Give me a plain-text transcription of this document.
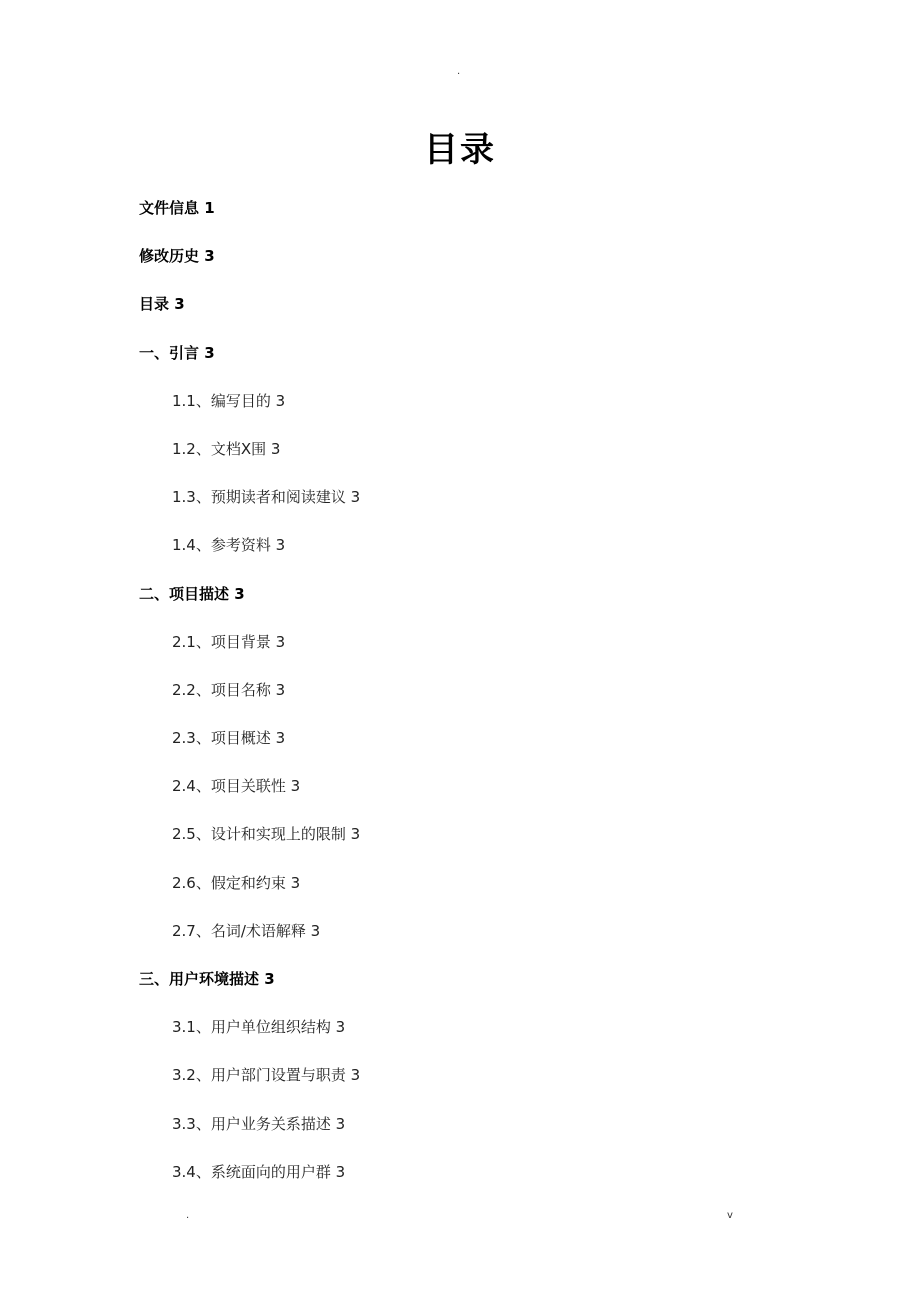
.
目录
文件信息 1
修改历史 3
目录 3
一、引言 3
1.1、编写目的 3
1.2、文档X围 3
1.3、预期读者和阅读建议 3
1.4、参考资料 3
二、项目描述 3
2.1、项目背景 3
2.2、项目名称 3
2.3、项目概述 3
2.4、项目关联性 3
2.5、设计和实现上的限制 3
2.6、假定和约束 3
2.7、名词/术语解释 3
三、用户环境描述 3
3.1、用户单位组织结构 3
3.2、用户部门设置与职责 3
3.3、用户业务关系描述 3
3.4、系统面向的用户群 3
.	v
